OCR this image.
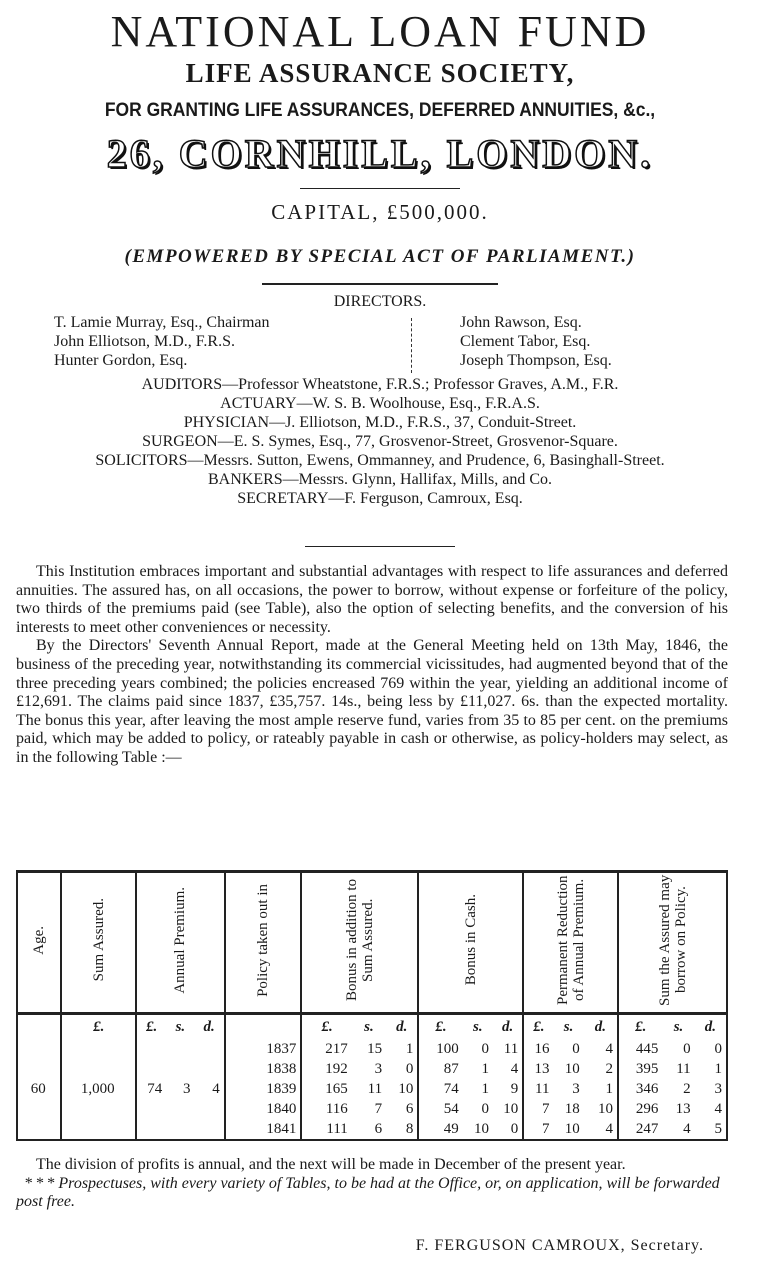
NATIONAL LOAN FUND
LIFE ASSURANCE SOCIETY,
FOR GRANTING LIFE ASSURANCES, DEFERRED ANNUITIES, &c.,
26, CORNHILL, LONDON.
CAPITAL, £500,000.
(EMPOWERED BY SPECIAL ACT OF PARLIAMENT.)
DIRECTORS.
T. Lamie Murray, Esq., Chairman
John Elliotson, M.D., F.R.S.
Hunter Gordon, Esq.
John Rawson, Esq.
Clement Tabor, Esq.
Joseph Thompson, Esq.
AUDITORS—Professor Wheatstone, F.R.S.; Professor Graves, A.M., F.R.
ACTUARY—W. S. B. Woolhouse, Esq., F.R.A.S.
PHYSICIAN—J. Elliotson, M.D., F.R.S., 37, Conduit-Street.
SURGEON—E. S. Symes, Esq., 77, Grosvenor-Street, Grosvenor-Square.
SOLICITORS—Messrs. Sutton, Ewens, Ommanney, and Prudence, 6, Basinghall-Street.
BANKERS—Messrs. Glynn, Hallifax, Mills, and Co.
SECRETARY—F. Ferguson, Camroux, Esq.

This Institution embraces important and substantial advantages with respect to life assurances and deferred annuities. The assured has, on all occasions, the power to borrow, without expense or forfeiture of the policy, two thirds of the premiums paid (see Table), also the option of selecting benefits, and the conversion of his interests to meet other conveniences or necessity.

By the Directors' Seventh Annual Report, made at the General Meeting held on 13th May, 1846, the business of the preceding year, notwithstanding its commercial vicissitudes, had augmented beyond that of the three preceding years combined; the policies encreased 769 within the year, yielding an additional income of £12,691. The claims paid since 1837, £35,757. 14s., being less by £11,027. 6s. than the expected mortality. The bonus this year, after leaving the most ample reserve fund, varies from 35 to 85 per cent. on the premiums paid, which may be added to policy, or rateably payable in cash or otherwise, as policy-holders may select, as in the following Table :—

Age.	Sum Assured.	Annual Premium.			Policy taken out in	Bonus in addition to Sum Assured.			Bonus in Cash.			Permanent Reduction of Annual Premium.			Sum the Assured may borrow on Policy.		
	£.	£.	s.	d.		£.	s.	d.	£.	s.	d.	£.	s.	d.	£.	s.	d.
					1837	217	15	1	100	0	11	16	0	4	445	0	0
					1838	192	3	0	87	1	4	13	10	2	395	11	1
60	1,000	74	3	4	1839	165	11	10	74	1	9	11	3	1	346	2	3
					1840	116	7	6	54	0	10	7	18	10	296	13	4
					1841	111	6	8	49	10	0	7	10	4	247	4	5

The division of profits is annual, and the next will be made in December of the present year.

* * * Prospectuses, with every variety of Tables, to be had at the Office, or, on application, will be forwarded post free.

F. FERGUSON CAMROUX, Secretary.
